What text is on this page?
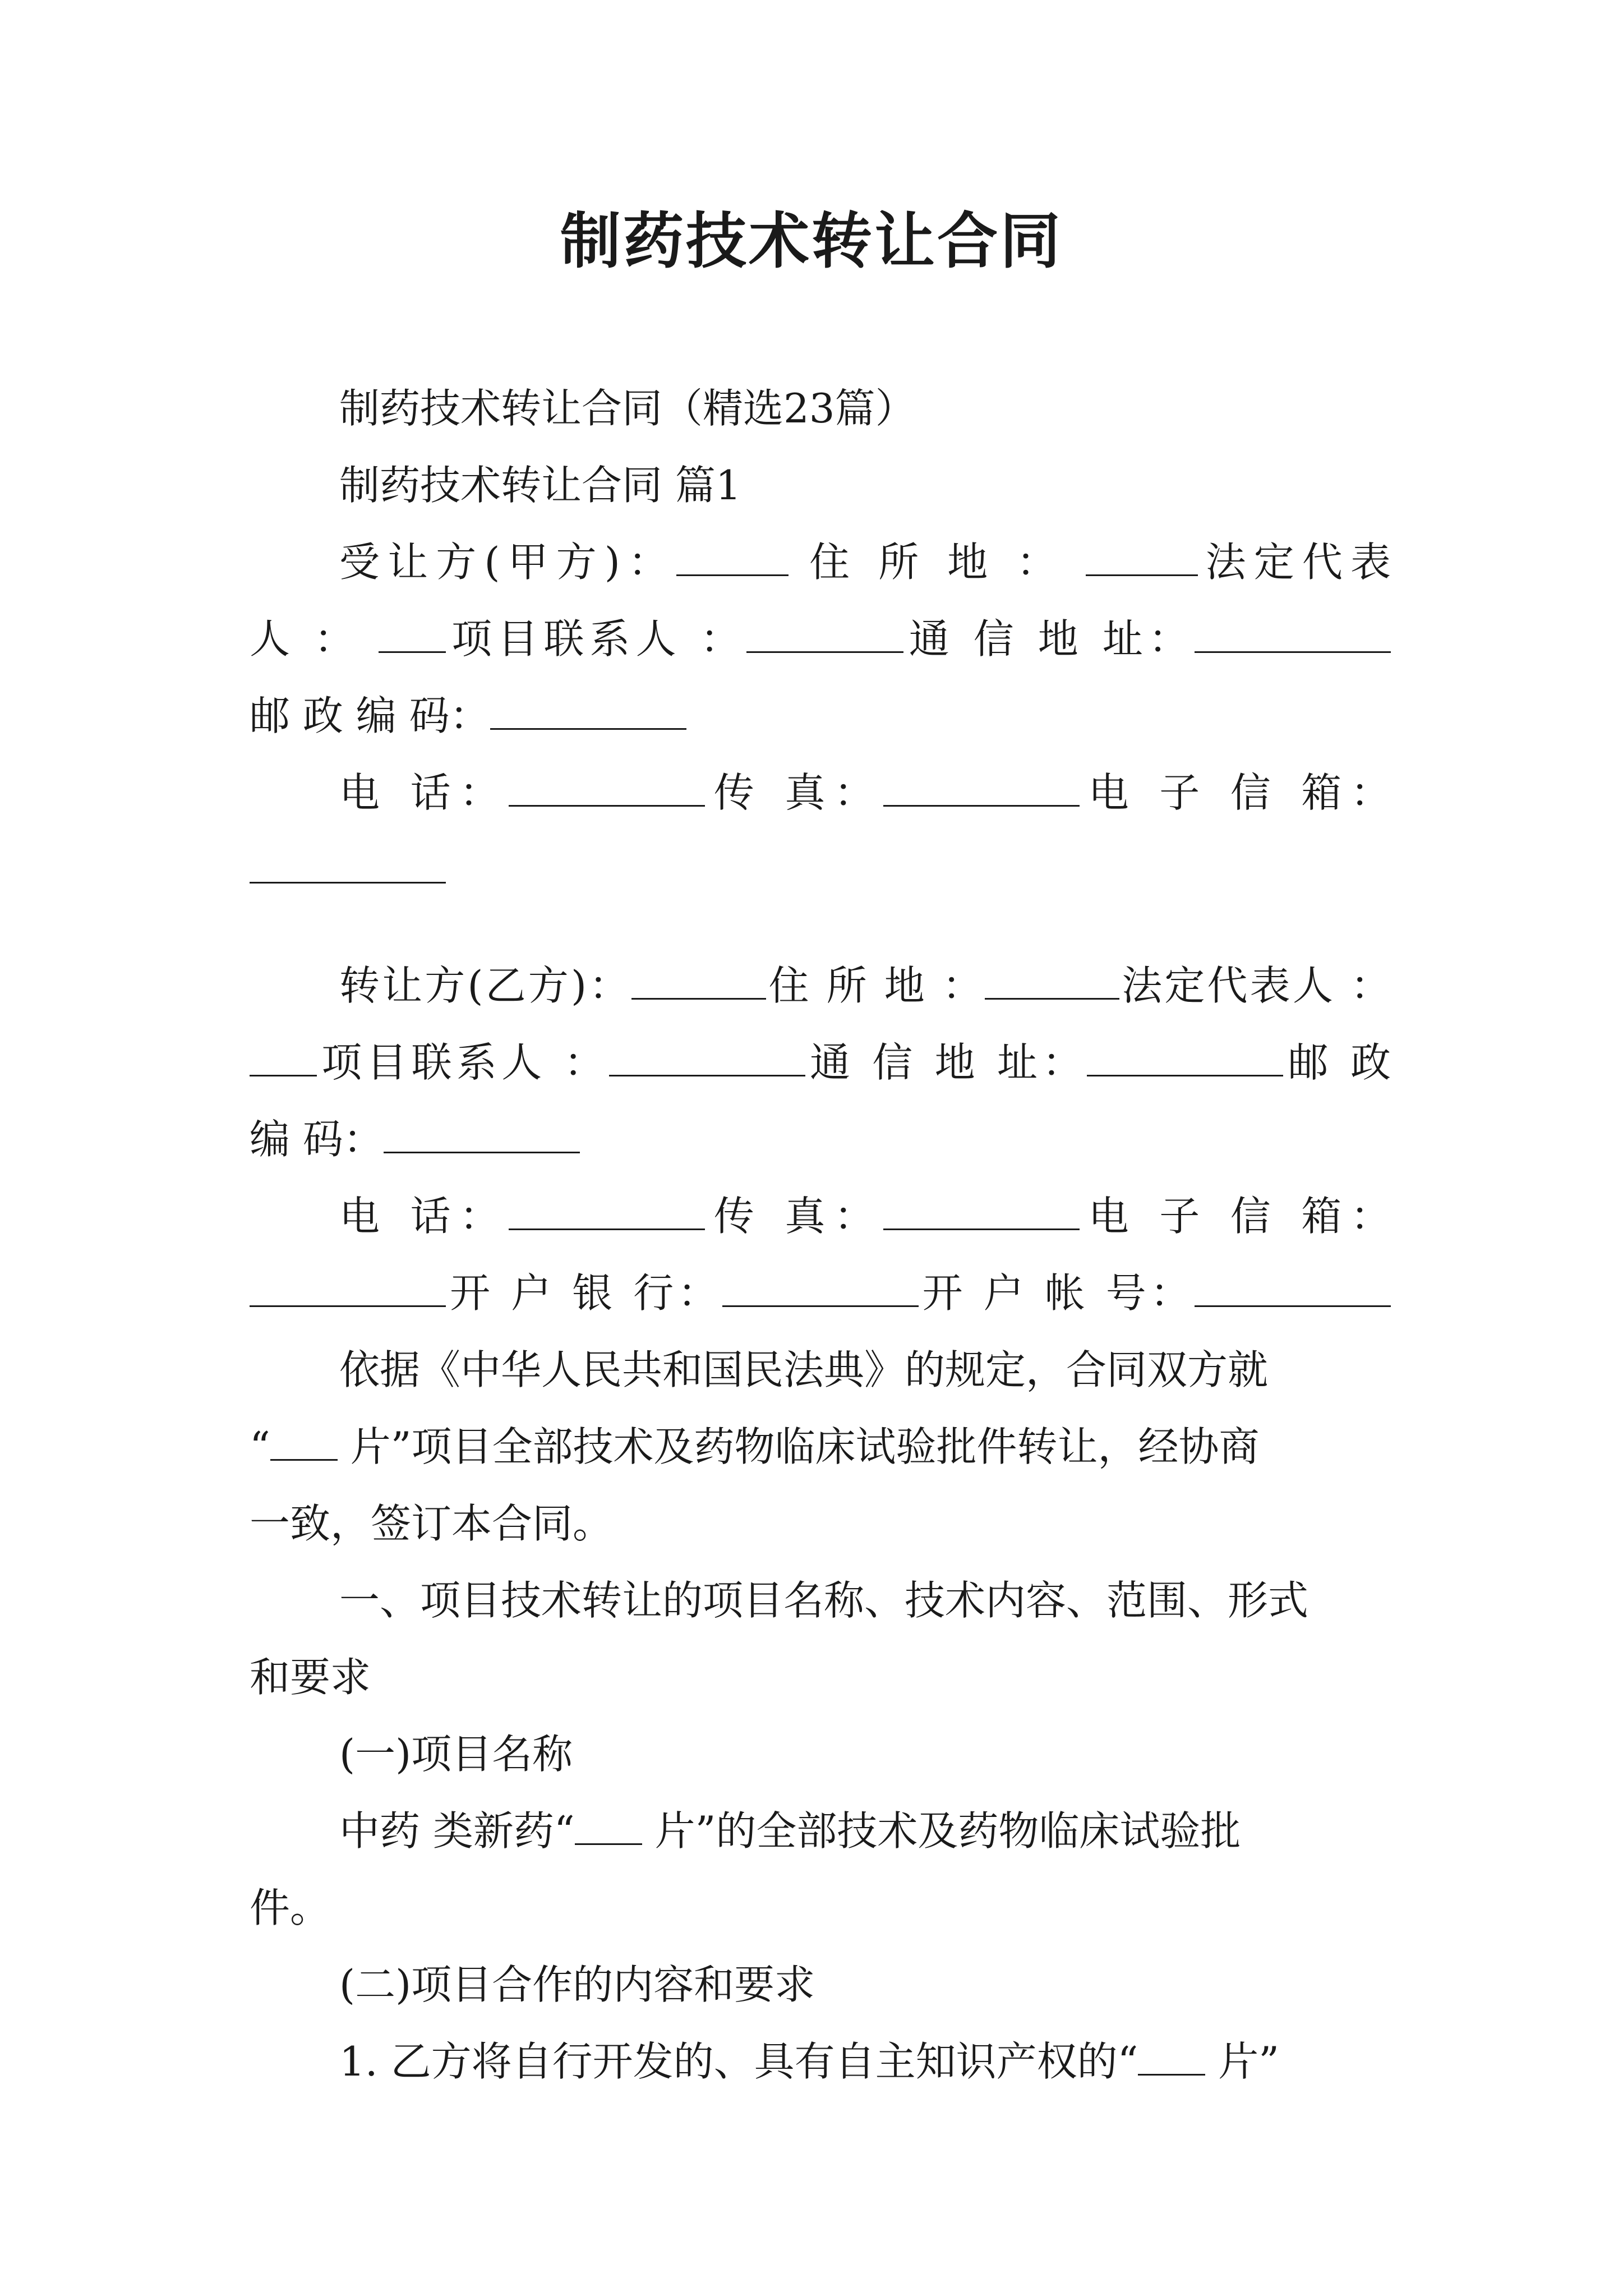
制药技术转让合同
制药技术转让合同（精选23篇）
制药技术转让合同 篇1
受让方(甲方)：	住 所 地 ：	法定代表
人 ： 项目联系人 ：	通 信 地 址：
邮 政 编 码：
电 话：	传 真：	电 子 信 箱：
转让方(乙方)：	住 所 地 ：	法定代表人 ：
项目联系人 ：	通 信 地 址：	邮 政
编 码：
电 话：	传 真：	电 子 信 箱：
开 户 银 行：	开 户 帐 号：
依据《中华人民共和国民法典》的规定，合同双方就
“ 片”项目全部技术及药物临床试验批件转让，经协商
一致，签订本合同。
一、项目技术转让的项目名称、技术内容、范围、形式
和要求
(一)项目名称
中药 类新药“ 片”的全部技术及药物临床试验批
件。
(二)项目合作的内容和要求
1. 乙方将自行开发的、具有自主知识产权的“ 片”
